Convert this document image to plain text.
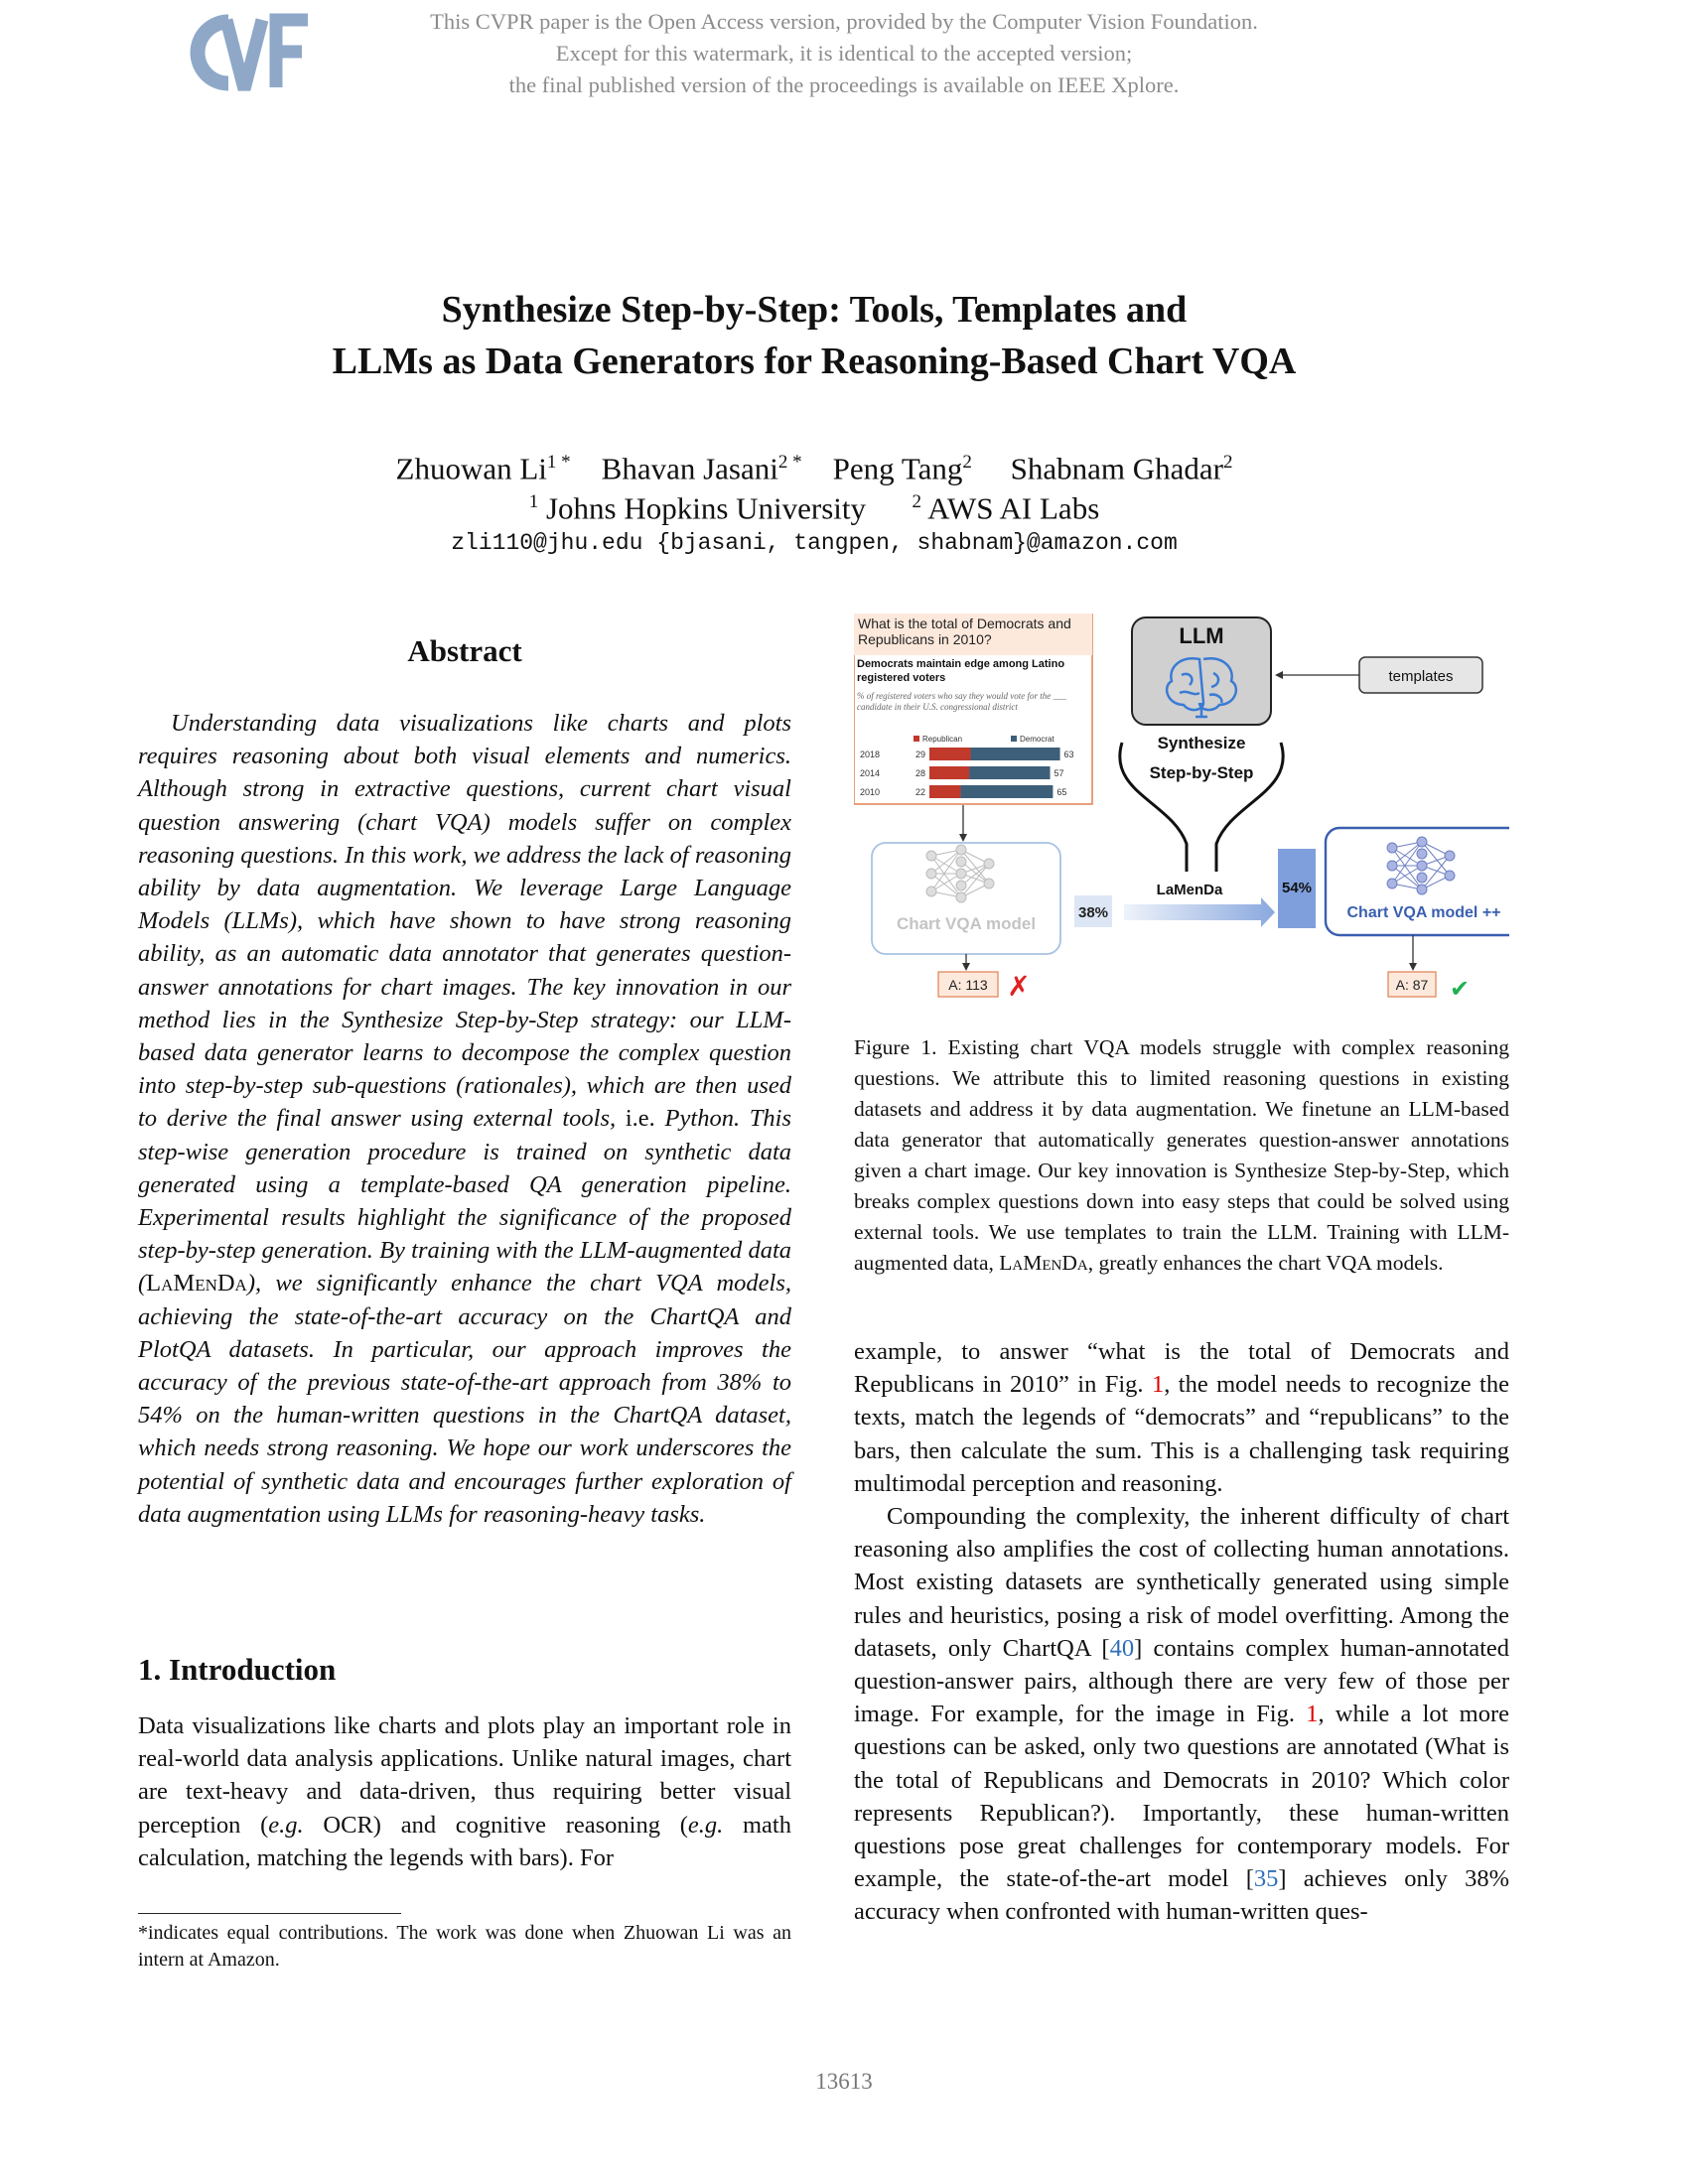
This CVPR paper is the Open Access version, provided by the Computer Vision Foundation.
Except for this watermark, it is identical to the accepted version;
the final published version of the proceedings is available on IEEE Xplore.
Synthesize Step-by-Step: Tools, Templates and
LLMs as Data Generators for Reasoning-Based Chart VQA
Zhuowan $Li^{1 *}$ Bhavan Jasani$^{2 *}$ Peng Tang$^2$ Shabnam Ghadar$^2$
$^1$ Johns Hopkins University $^2$ AWS AI Labs
zli110@jhu.edu {bjasani, tangpen, shabnam}@amazon.com
Abstract

Understanding data visualizations like charts and plots requires reasoning about both visual elements and numerics. Although strong in extractive questions, current chart visual question answering (chart VQA) models suffer on complex reasoning questions. In this work, we address the lack of reasoning ability by data augmentation. We leverage Large Language Models (LLMs), which have shown to have strong reasoning ability, as an automatic data annotator that generates question-answer annotations for chart images. The key innovation in our method lies in the Synthesize Step-by-Step strategy: our LLM-based data generator learns to decompose the complex question into step-by-step sub-questions (rationales), which are then used to derive the final answer using external tools, i.e. Python. This step-wise generation procedure is trained on synthetic data generated using a template-based QA generation pipeline. Experimental results highlight the significance of the proposed step-by-step generation. By training with the LLM-augmented data (LaMenDa), we significantly enhance the chart VQA models, achieving the state-of-the-art accuracy on the ChartQA and PlotQA datasets. In particular, our approach improves the accuracy of the previous state-of-the-art approach from 38% to 54% on the human-written questions in the ChartQA dataset, which needs strong reasoning. We hope our work underscores the potential of synthetic data and encourages further exploration of data augmentation using LLMs for reasoning-heavy tasks.

1. Introduction

Data visualizations like charts and plots play an important role in real-world data analysis applications. Unlike natural images, chart are text-heavy and data-driven, thus requiring better visual perception (e.g. OCR) and cognitive reasoning (e.g. math calculation, matching the legends with bars). For

*indicates equal contributions. The work was done when Zhuowan Li was an intern at Amazon.
What is the total of Democrats and Republicans in 2010?
Democrats maintain edge among Latino registered voters
% of registered voters who say they would vote for the ___ candidate in their U.S. congressional district
Republican	Democrat
2018	29	63
2014	28	57
2010	22	65
Chart VQA model
38%
LaMenDa	54%
LLM
templates
Synthesize
Step-by-Step
Chart VQA model ++
A: 113 ✗	A: 87 ✔
Figure 1. Existing chart VQA models struggle with complex reasoning questions. We attribute this to limited reasoning questions in existing datasets and address it by data augmentation. We finetune an LLM-based data generator that automatically generates question-answer annotations given a chart image. Our key innovation is Synthesize Step-by-Step, which breaks complex questions down into easy steps that could be solved using external tools. We use templates to train the LLM. Training with LLM-augmented data, LaMenDa, greatly enhances the chart VQA models.

example, to answer “what is the total of Democrats and Republicans in 2010” in Fig. 1, the model needs to recognize the texts, match the legends of “democrats” and “republicans” to the bars, then calculate the sum. This is a challenging task requiring multimodal perception and reasoning.

Compounding the complexity, the inherent difficulty of chart reasoning also amplifies the cost of collecting human annotations. Most existing datasets are synthetically generated using simple rules and heuristics, posing a risk of model overfitting. Among the datasets, only ChartQA [40] contains complex human-annotated question-answer pairs, although there are very few of those per image. For example, for the image in Fig. 1, while a lot more questions can be asked, only two questions are annotated (What is the total of Republicans and Democrats in 2010? Which color represents Republican?). Importantly, these human-written questions pose great challenges for contemporary models. For example, the state-of-the-art model [35] achieves only 38% accuracy when confronted with human-written ques-

13613
